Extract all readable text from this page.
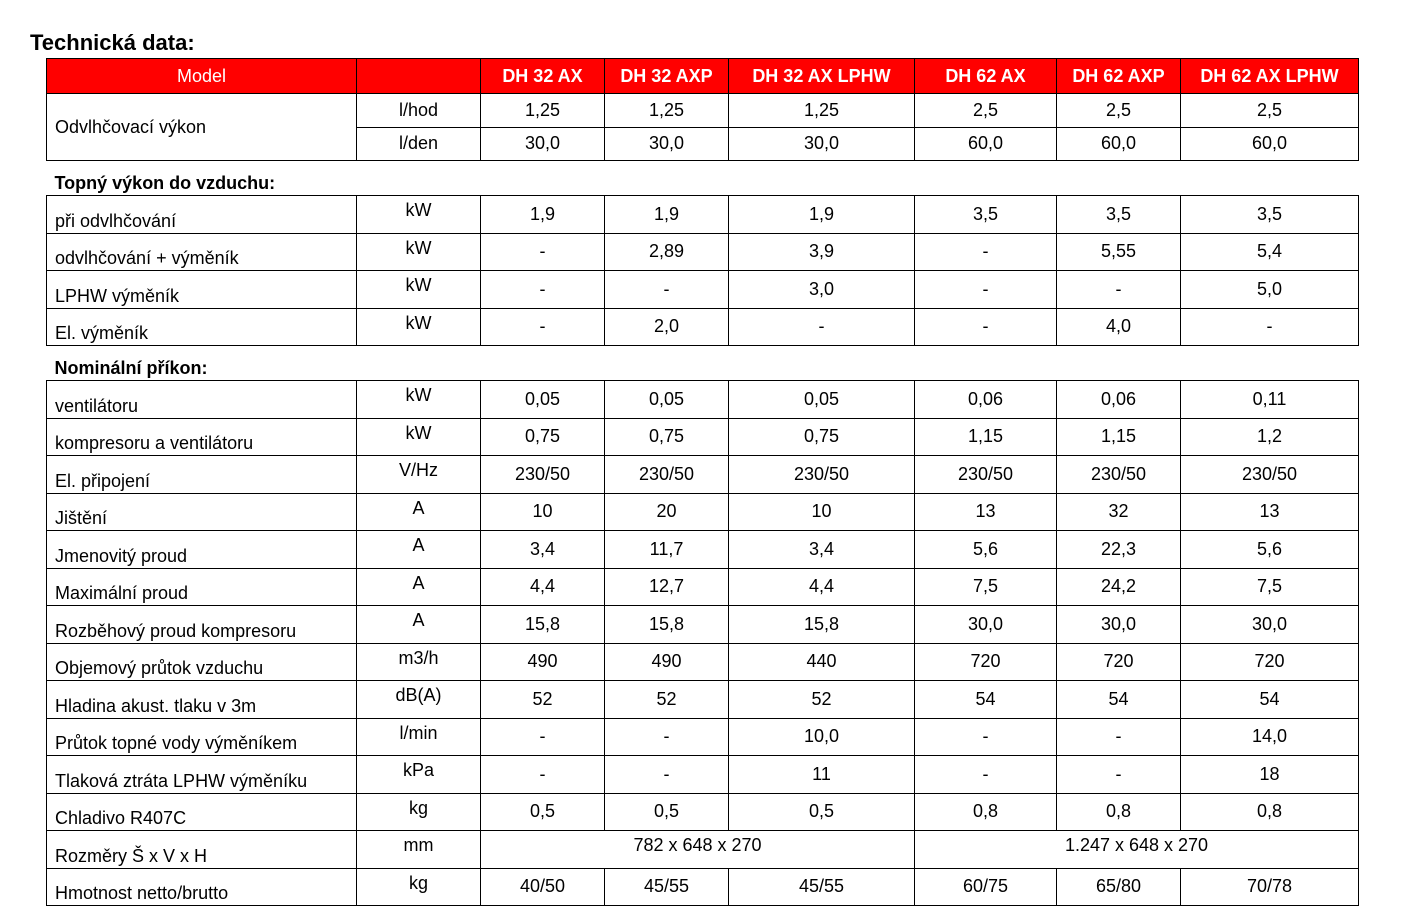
Technická data:
Model		DH 32 AX	DH 32 AXP	DH 32 AX LPHW	DH 62 AX	DH 62 AXP	DH 62 AX LPHW
Odvlhčovací výkon	l/hod	1,25	1,25	1,25	2,5	2,5	2,5
	l/den	30,0	30,0	30,0	60,0	60,0	60,0
Topný výkon do vzduchu:							
při odvlhčování	kW	1,9	1,9	1,9	3,5	3,5	3,5
odvlhčování + výměník	kW	-	2,89	3,9	-	5,55	5,4
LPHW výměník	kW	-	-	3,0	-	-	5,0
El. výměník	kW	-	2,0	-	-	4,0	-
Nominální příkon:							
ventilátoru	kW	0,05	0,05	0,05	0,06	0,06	0,11
kompresoru a ventilátoru	kW	0,75	0,75	0,75	1,15	1,15	1,2
El. připojení	V/Hz	230/50	230/50	230/50	230/50	230/50	230/50
Jištění	A	10	20	10	13	32	13
Jmenovitý proud	A	3,4	11,7	3,4	5,6	22,3	5,6
Maximální proud	A	4,4	12,7	4,4	7,5	24,2	7,5
Rozběhový proud kompresoru	A	15,8	15,8	15,8	30,0	30,0	30,0
Objemový průtok vzduchu	m3/h	490	490	440	720	720	720
Hladina akust. tlaku v 3m	dB(A)	52	52	52	54	54	54
Průtok topné vody výměníkem	l/min	-	-	10,0	-	-	14,0
Tlaková ztráta LPHW výměníku	kPa	-	-	11	-	-	18
Chladivo R407C	kg	0,5	0,5	0,5	0,8	0,8	0,8
Rozměry Š x V x H	mm	782 x 648 x 270			1.247 x 648 x 270		
Hmotnost netto/brutto	kg	40/50	45/55	45/55	60/75	65/80	70/78
